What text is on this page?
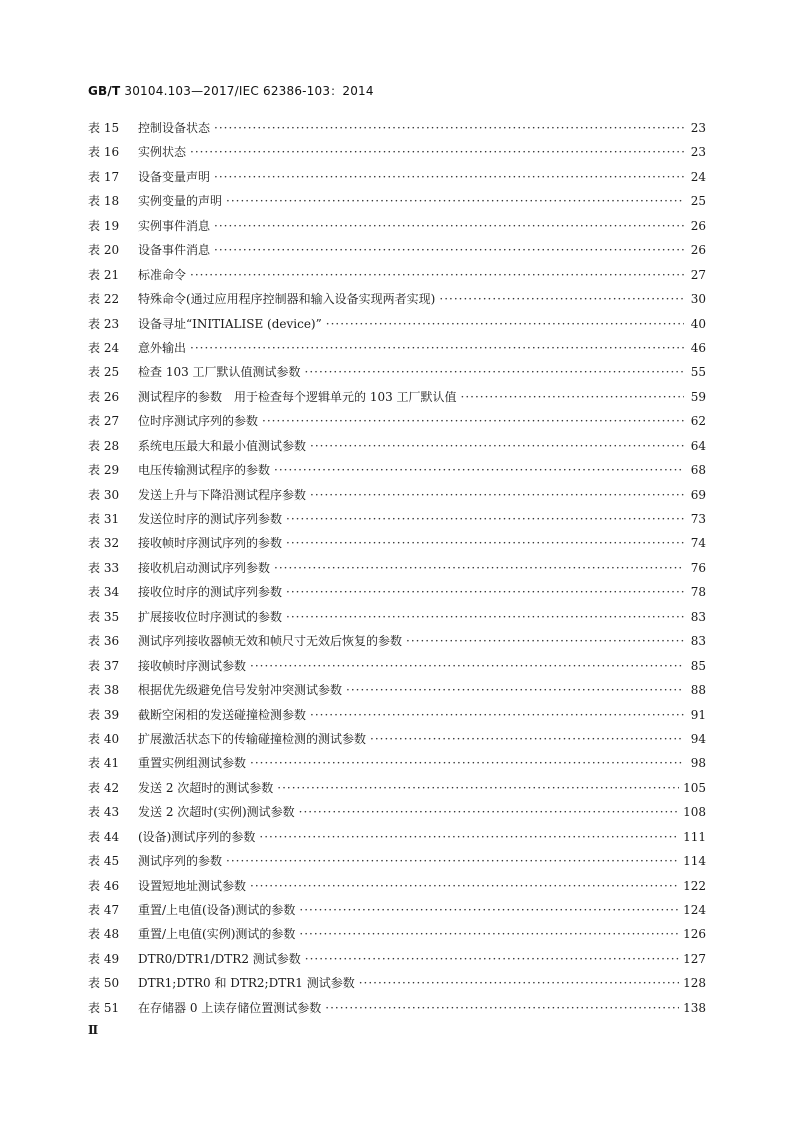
GB/T 30104.103—2017/IEC 62386-103：2014
表 15	控制设备状态 ·····	23
表 16	实例状态 ·····	23
表 17	设备变量声明 ·····	24
表 18	实例变量的声明 ·····	25
表 19	实例事件消息 ·····	26
表 20	设备事件消息 ·····	26
表 21	标准命令 ·····	27
表 22	特殊命令(通过应用程序控制器和输入设备实现两者实现) ·····	30
表 23	设备寻址“INITIALISE (device)” ·····	40
表 24	意外输出 ·····	46
表 25	检查 103 工厂默认值测试参数 ·····	55
表 26	测试程序的参数　用于检查每个逻辑单元的 103 工厂默认值 ·····	59
表 27	位时序测试序列的参数 ·····	62
表 28	系统电压最大和最小值测试参数 ·····	64
表 29	电压传输测试程序的参数 ·····	68
表 30	发送上升与下降沿测试程序参数 ·····	69
表 31	发送位时序的测试序列参数 ·····	73
表 32	接收帧时序测试序列的参数 ·····	74
表 33	接收机启动测试序列参数 ·····	76
表 34	接收位时序的测试序列参数 ·····	78
表 35	扩展接收位时序测试的参数 ·····	83
表 36	测试序列接收器帧无效和帧尺寸无效后恢复的参数 ·····	83
表 37	接收帧时序测试参数 ·····	85
表 38	根据优先级避免信号发射冲突测试参数 ·····	88
表 39	截断空闲相的发送碰撞检测参数 ·····	91
表 40	扩展激活状态下的传输碰撞检测的测试参数 ·····	94
表 41	重置实例组测试参数 ·····	98
表 42	发送 2 次超时的测试参数 ·····	105
表 43	发送 2 次超时(实例)测试参数 ·····	108
表 44	(设备)测试序列的参数 ·····	111
表 45	测试序列的参数 ·····	114
表 46	设置短地址测试参数 ·····	122
表 47	重置/上电值(设备)测试的参数 ·····	124
表 48	重置/上电值(实例)测试的参数 ·····	126
表 49	DTR0/DTR1/DTR2 测试参数 ·····	127
表 50	DTR1;DTR0 和 DTR2;DTR1 测试参数 ·····	128
表 51	在存储器 0 上读存储位置测试参数 ·····	138
Ⅱ
